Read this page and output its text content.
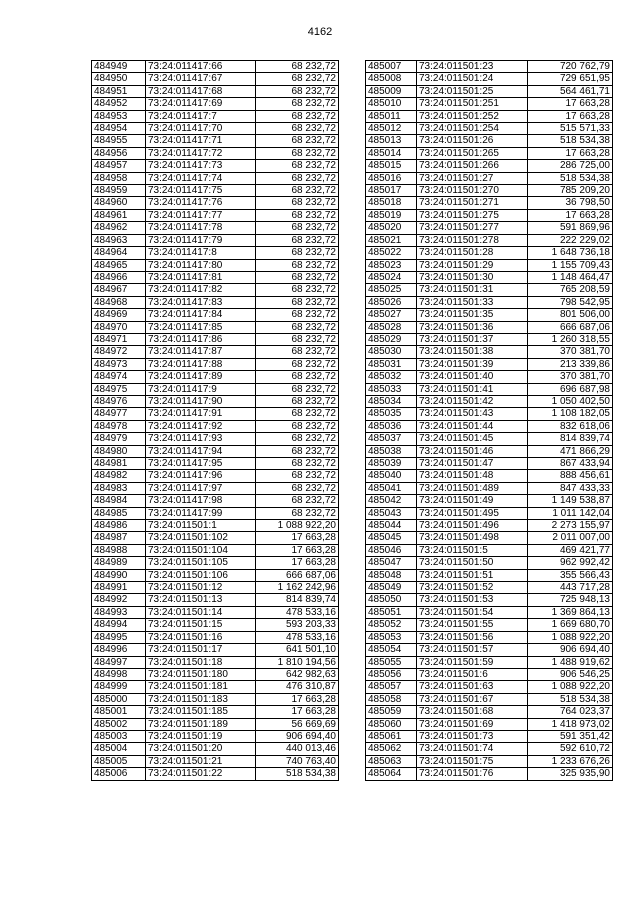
4162
484949	73:24:011417:66	68 232,72
484950	73:24:011417:67	68 232,72
484951	73:24:011417:68	68 232,72
484952	73:24:011417:69	68 232,72
484953	73:24:011417:7	68 232,72
484954	73:24:011417:70	68 232,72
484955	73:24:011417:71	68 232,72
484956	73:24:011417:72	68 232,72
484957	73:24:011417:73	68 232,72
484958	73:24:011417:74	68 232,72
484959	73:24:011417:75	68 232,72
484960	73:24:011417:76	68 232,72
484961	73:24:011417:77	68 232,72
484962	73:24:011417:78	68 232,72
484963	73:24:011417:79	68 232,72
484964	73:24:011417:8	68 232,72
484965	73:24:011417:80	68 232,72
484966	73:24:011417:81	68 232,72
484967	73:24:011417:82	68 232,72
484968	73:24:011417:83	68 232,72
484969	73:24:011417:84	68 232,72
484970	73:24:011417:85	68 232,72
484971	73:24:011417:86	68 232,72
484972	73:24:011417:87	68 232,72
484973	73:24:011417:88	68 232,72
484974	73:24:011417:89	68 232,72
484975	73:24:011417:9	68 232,72
484976	73:24:011417:90	68 232,72
484977	73:24:011417:91	68 232,72
484978	73:24:011417:92	68 232,72
484979	73:24:011417:93	68 232,72
484980	73:24:011417:94	68 232,72
484981	73:24:011417:95	68 232,72
484982	73:24:011417:96	68 232,72
484983	73:24:011417:97	68 232,72
484984	73:24:011417:98	68 232,72
484985	73:24:011417:99	68 232,72
484986	73:24:011501:1	1 088 922,20
484987	73:24:011501:102	17 663,28
484988	73:24:011501:104	17 663,28
484989	73:24:011501:105	17 663,28
484990	73:24:011501:106	666 687,06
484991	73:24:011501:12	1 162 242,96
484992	73:24:011501:13	814 839,74
484993	73:24:011501:14	478 533,16
484994	73:24:011501:15	593 203,33
484995	73:24:011501:16	478 533,16
484996	73:24:011501:17	641 501,10
484997	73:24:011501:18	1 810 194,56
484998	73:24:011501:180	642 982,63
484999	73:24:011501:181	476 310,87
485000	73:24:011501:183	17 663,28
485001	73:24:011501:185	17 663,28
485002	73:24:011501:189	56 669,69
485003	73:24:011501:19	906 694,40
485004	73:24:011501:20	440 013,46
485005	73:24:011501:21	740 763,40
485006	73:24:011501:22	518 534,38
485007	73:24:011501:23	720 762,79
485008	73:24:011501:24	729 651,95
485009	73:24:011501:25	564 461,71
485010	73:24:011501:251	17 663,28
485011	73:24:011501:252	17 663,28
485012	73:24:011501:254	515 571,33
485013	73:24:011501:26	518 534,38
485014	73:24:011501:265	17 663,28
485015	73:24:011501:266	286 725,00
485016	73:24:011501:27	518 534,38
485017	73:24:011501:270	785 209,20
485018	73:24:011501:271	36 798,50
485019	73:24:011501:275	17 663,28
485020	73:24:011501:277	591 869,96
485021	73:24:011501:278	222 229,02
485022	73:24:011501:28	1 648 736,18
485023	73:24:011501:29	1 155 709,43
485024	73:24:011501:30	1 148 464,47
485025	73:24:011501:31	765 208,59
485026	73:24:011501:33	798 542,95
485027	73:24:011501:35	801 506,00
485028	73:24:011501:36	666 687,06
485029	73:24:011501:37	1 260 318,55
485030	73:24:011501:38	370 381,70
485031	73:24:011501:39	213 339,86
485032	73:24:011501:40	370 381,70
485033	73:24:011501:41	696 687,98
485034	73:24:011501:42	1 050 402,50
485035	73:24:011501:43	1 108 182,05
485036	73:24:011501:44	832 618,06
485037	73:24:011501:45	814 839,74
485038	73:24:011501:46	471 866,29
485039	73:24:011501:47	867 433,94
485040	73:24:011501:48	888 456,61
485041	73:24:011501:489	847 433,33
485042	73:24:011501:49	1 149 538,87
485043	73:24:011501:495	1 011 142,04
485044	73:24:011501:496	2 273 155,97
485045	73:24:011501:498	2 011 007,00
485046	73:24:011501:5	469 421,77
485047	73:24:011501:50	962 992,42
485048	73:24:011501:51	355 566,43
485049	73:24:011501:52	443 717,28
485050	73:24:011501:53	725 948,13
485051	73:24:011501:54	1 369 864,13
485052	73:24:011501:55	1 669 680,70
485053	73:24:011501:56	1 088 922,20
485054	73:24:011501:57	906 694,40
485055	73:24:011501:59	1 488 919,62
485056	73:24:011501:6	906 546,25
485057	73:24:011501:63	1 088 922,20
485058	73:24:011501:67	518 534,38
485059	73:24:011501:68	764 023,37
485060	73:24:011501:69	1 418 973,02
485061	73:24:011501:73	591 351,42
485062	73:24:011501:74	592 610,72
485063	73:24:011501:75	1 233 676,26
485064	73:24:011501:76	325 935,90
